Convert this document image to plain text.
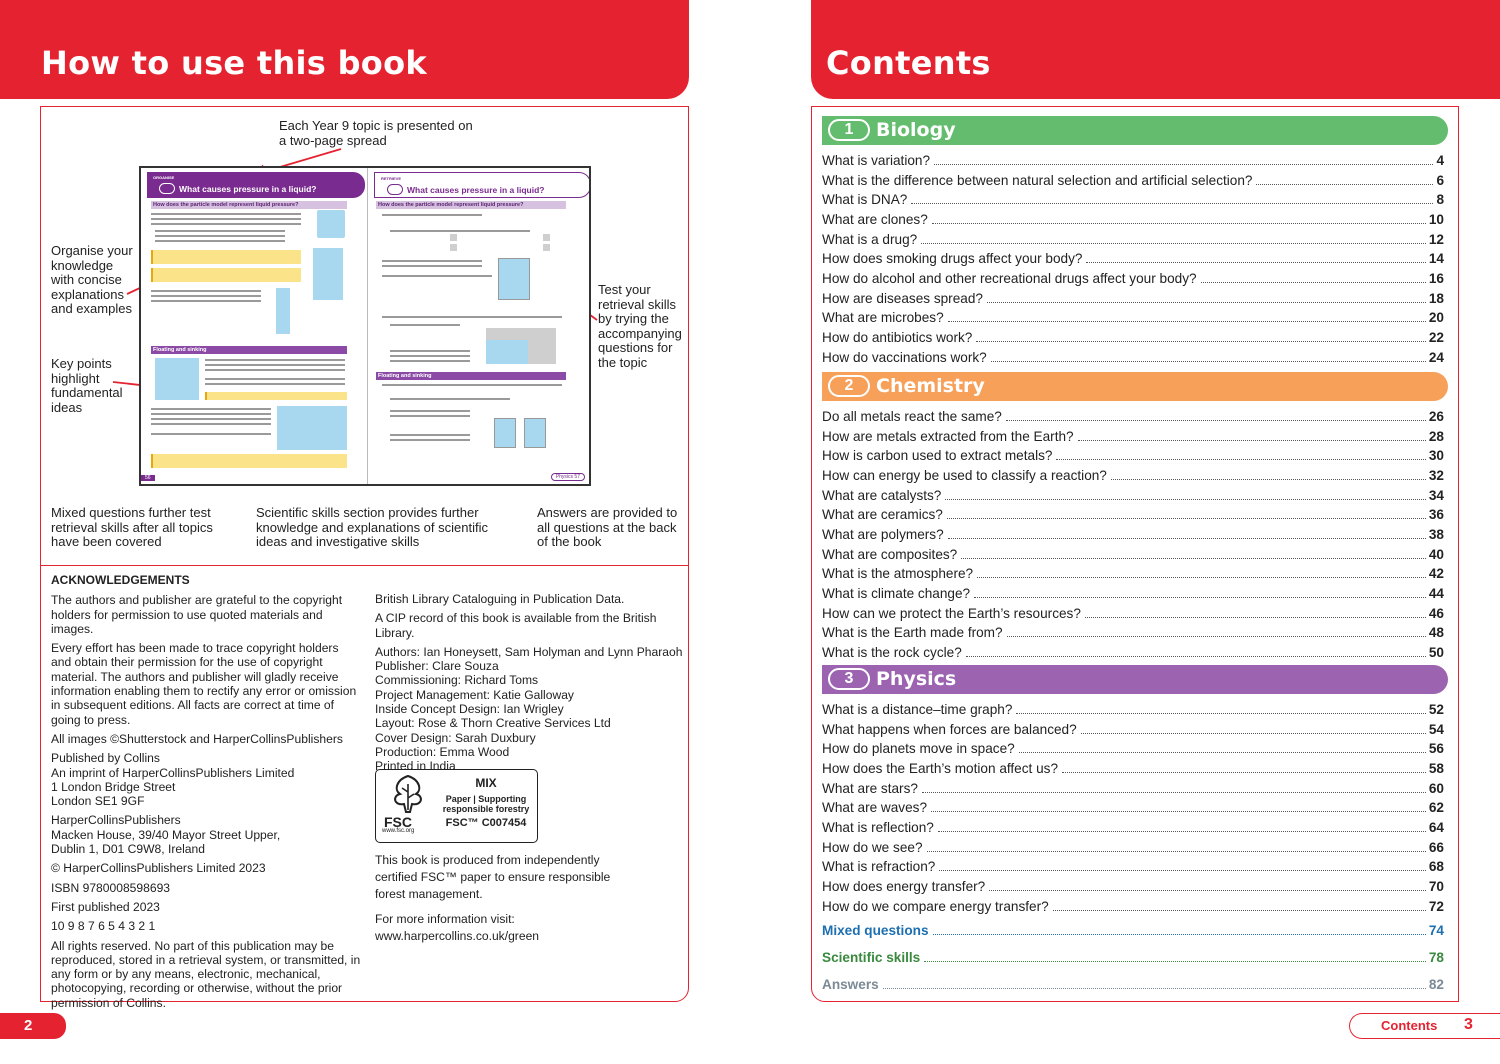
How to use this book
Each Year 9 topic is presented on a two-page spread
Organise your knowledge with concise explanations and examples
Key points highlight fundamental ideas
Test your retrieval skills by trying the accompanying questions for the topic
ORGANISE
What causes pressure in a liquid?
How does the particle model represent liquid pressure?
Floating and sinking
56
RETRIEVE
What causes pressure in a liquid?
How does the particle model represent liquid pressure?
Floating and sinking
Physics 57
Mixed questions further test retrieval skills after all topics have been covered
Scientific skills section provides further knowledge and explanations of scientific ideas and investigative skills
Answers are provided to all questions at the back of the book
ACKNOWLEDGEMENTS

The authors and publisher are grateful to the copyright holders for permission to use quoted materials and images.

Every effort has been made to trace copyright holders and obtain their permission for the use of copyright material. The authors and publisher will gladly receive information enabling them to rectify any error or omission in subsequent editions. All facts are correct at time of going to press.

All images ©Shutterstock and HarperCollinsPublishers

Published by Collins
An imprint of HarperCollinsPublishers Limited
1 London Bridge Street
London SE1 9GF

HarperCollinsPublishers
Macken House, 39/40 Mayor Street Upper,
Dublin 1, D01 C9W8, Ireland

© HarperCollinsPublishers Limited 2023

ISBN 9780008598693

First published 2023

10 9 8 7 6 5 4 3 2 1

All rights reserved. No part of this publication may be reproduced, stored in a retrieval system, or transmitted, in any form or by any means, electronic, mechanical, photocopying, recording or otherwise, without the prior permission of Collins.

British Library Cataloguing in Publication Data.

A CIP record of this book is available from the British Library.

Authors: Ian Honeysett, Sam Holyman and Lynn Pharaoh
Publisher: Clare Souza
Commissioning: Richard Toms
Project Management: Katie Galloway
Inside Concept Design: Ian Wrigley
Layout: Rose & Thorn Creative Services Ltd
Cover Design: Sarah Duxbury
Production: Emma Wood
Printed in India

FSC
www.fsc.org
MIX
Paper | Supporting
responsible forestry
FSC™ C007454

This book is produced from independently certified FSC™ paper to ensure responsible forest management.

For more information visit: www.harpercollins.co.uk/green

2
Contents
1	Biology
What is variation?	4
What is the difference between natural selection and artificial selection?	6
What is DNA?	8
What are clones?	10
What is a drug?	12
How does smoking drugs affect your body?	14
How do alcohol and other recreational drugs affect your body?	16
How are diseases spread?	18
What are microbes?	20
How do antibiotics work?	22
How do vaccinations work?	24
2	Chemistry
Do all metals react the same?	26
How are metals extracted from the Earth?	28
How is carbon used to extract metals?	30
How can energy be used to classify a reaction?	32
What are catalysts?	34
What are ceramics?	36
What are polymers?	38
What are composites?	40
What is the atmosphere?	42
What is climate change?	44
How can we protect the Earth’s resources?	46
What is the Earth made from?	48
What is the rock cycle?	50
3	Physics
What is a distance–time graph?	52
What happens when forces are balanced?	54
How do planets move in space?	56
How does the Earth’s motion affect us?	58
What are stars?	60
What are waves?	62
What is reflection?	64
How do we see?	66
What is refraction?	68
How does energy transfer?	70
How do we compare energy transfer?	72
Mixed questions	74
Scientific skills	78
Answers	82
Contents 3
